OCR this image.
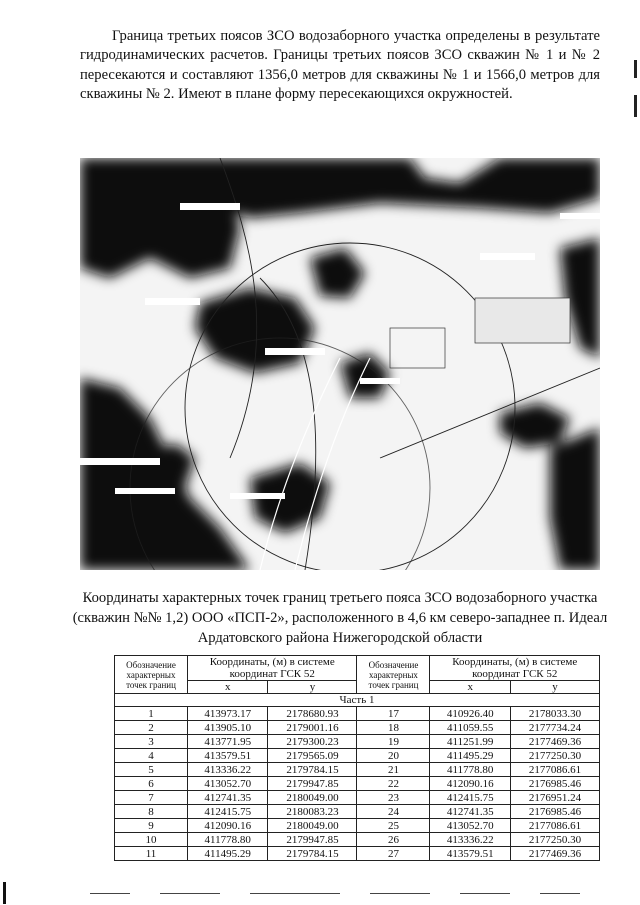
Граница третьих поясов ЗСО водозаборного участка определены в результате гидродинамических расчетов. Границы третьих поясов ЗСО скважин № 1 и № 2 пересекаются и составляют 1356,0 метров для скважины № 1 и 1566,0 метров для скважины № 2. Имеют в плане форму пересекающихся окружностей.

Координаты характерных точек границ третьего пояса ЗСО водозаборного участка (скважин №№ 1,2) ООО «ПСП-2», расположенного в 4,6 км северо-западнее п. Идеал Ардатовского района Нижегородской области

Обозначение характерных точек границ	Координаты, (м) в системе координат ГСК 52		Обозначение характерных точек границ	Координаты, (м) в системе координат ГСК 52	
	х	у		х	у
Часть 1					
1	413973.17	2178680.93	17	410926.40	2178033.30
2	413905.10	2179001.16	18	411059.55	2177734.24
3	413771.95	2179300.23	19	411251.99	2177469.36
4	413579.51	2179565.09	20	411495.29	2177250.30
5	413336.22	2179784.15	21	411778.80	2177086.61
6	413052.70	2179947.85	22	412090.16	2176985.46
7	412741.35	2180049.00	23	412415.75	2176951.24
8	412415.75	2180083.23	24	412741.35	2176985.46
9	412090.16	2180049.00	25	413052.70	2177086.61
10	411778.80	2179947.85	26	413336.22	2177250.30
11	411495.29	2179784.15	27	413579.51	2177469.36
